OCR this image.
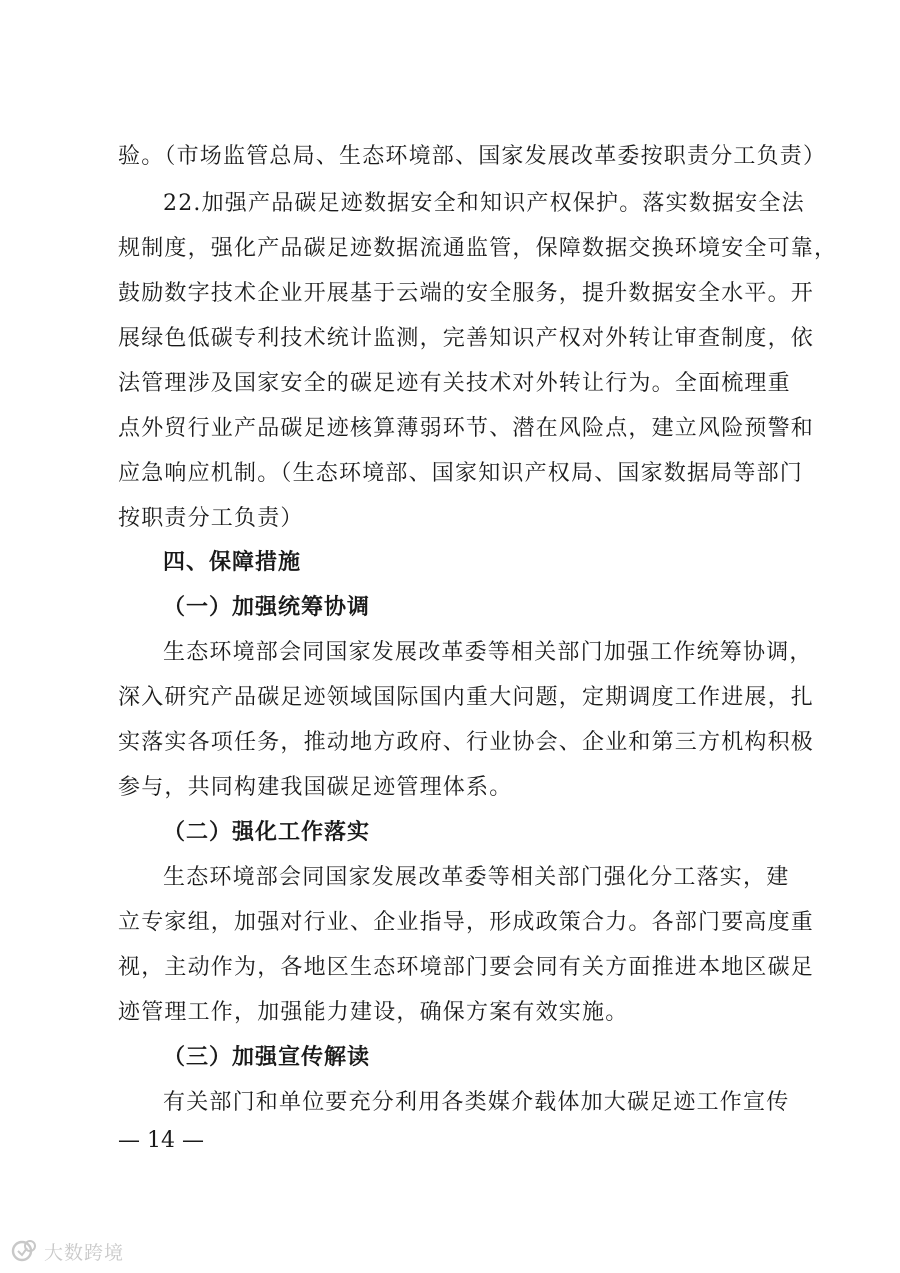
验。（市场监管总局、生态环境部、国家发展改革委按职责分工负责）
22.加强产品碳足迹数据安全和知识产权保护。落实数据安全法
规制度，强化产品碳足迹数据流通监管，保障数据交换环境安全可靠，
鼓励数字技术企业开展基于云端的安全服务，提升数据安全水平。开
展绿色低碳专利技术统计监测，完善知识产权对外转让审查制度，依
法管理涉及国家安全的碳足迹有关技术对外转让行为。全面梳理重
点外贸行业产品碳足迹核算薄弱环节、潜在风险点，建立风险预警和
应急响应机制。（生态环境部、国家知识产权局、国家数据局等部门
按职责分工负责）
四、保障措施
（一）加强统筹协调
生态环境部会同国家发展改革委等相关部门加强工作统筹协调，
深入研究产品碳足迹领域国际国内重大问题，定期调度工作进展，扎
实落实各项任务，推动地方政府、行业协会、企业和第三方机构积极
参与，共同构建我国碳足迹管理体系。
（二）强化工作落实
生态环境部会同国家发展改革委等相关部门强化分工落实，建
立专家组，加强对行业、企业指导，形成政策合力。各部门要高度重
视，主动作为，各地区生态环境部门要会同有关方面推进本地区碳足
迹管理工作，加强能力建设，确保方案有效实施。
（三）加强宣传解读
有关部门和单位要充分利用各类媒介载体加大碳足迹工作宣传
— 14 —
大数跨境
